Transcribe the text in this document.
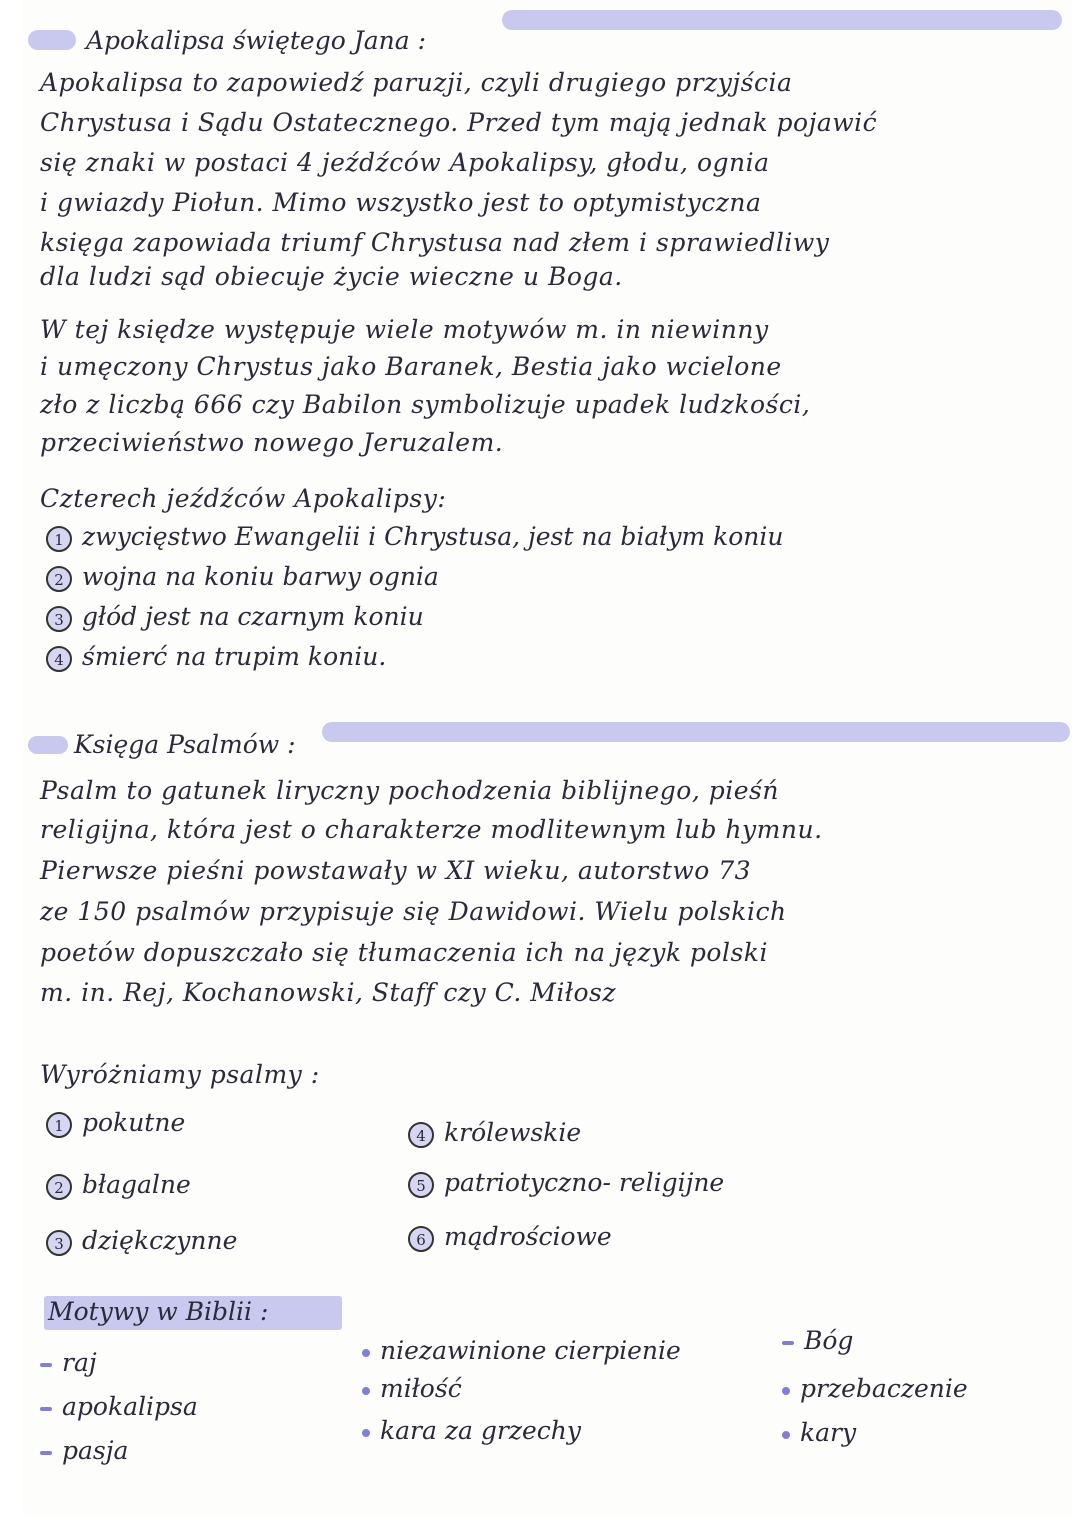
Apokalipsa świętego Jana :
Apokalipsa to zapowiedź paruzji, czyli drugiego przyjścia
Chrystusa i Sądu Ostatecznego. Przed tym mają jednak pojawić
się znaki w postaci 4 jeźdźców Apokalipsy, głodu, ognia
i gwiazdy Piołun. Mimo wszystko jest to optymistyczna
księga zapowiada triumf Chrystusa nad złem i sprawiedliwy
dla ludzi sąd obiecuje życie wieczne u Boga.
W tej księdze występuje wiele motywów m. in niewinny
i umęczony Chrystus jako Baranek, Bestia jako wcielone
zło z liczbą 666 czy Babilon symbolizuje upadek ludzkości,
przeciwieństwo nowego Jeruzalem.
Czterech jeźdźców Apokalipsy:
1 zwycięstwo Ewangelii i Chrystusa, jest na białym koniu
2 wojna na koniu barwy ognia
3 głód jest na czarnym koniu
4 śmierć na trupim koniu.
Księga Psalmów :
Psalm to gatunek liryczny pochodzenia biblijnego, pieśń
religijna, która jest o charakterze modlitewnym lub hymnu.
Pierwsze pieśni powstawały w XI wieku, autorstwo 73
ze 150 psalmów przypisuje się Dawidowi. Wielu polskich
poetów dopuszczało się tłumaczenia ich na język polski
m. in. Rej, Kochanowski, Staff czy C. Miłosz
Wyróżniamy psalmy :
1 pokutne
2 błagalne
3 dziękczynne
4 królewskie
5 patriotyczno- religijne
6 mądrościowe
Motywy w Biblii :
raj
apokalipsa
pasja
niezawinione cierpienie
miłość
kara za grzechy
Bóg
przebaczenie
kary
